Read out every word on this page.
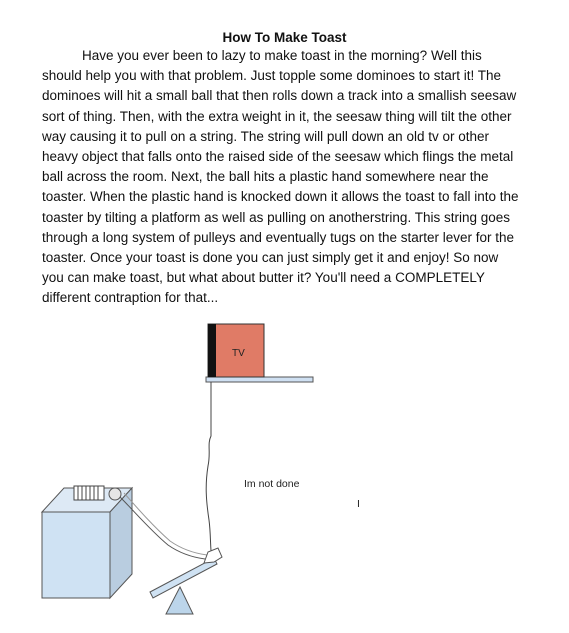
How To Make Toast

Have you ever been to lazy to make toast in the morning? Well this should help you with that problem. Just topple some dominoes to start it! The dominoes will hit a small ball that then rolls down a track into a smallish seesaw sort of thing. Then, with the extra weight in it, the seesaw thing will tilt the other way causing it to pull on a string. The string will pull down an old tv or other heavy object that falls onto the raised side of the seesaw which flings the metal ball across the room. Next, the ball hits a plastic hand somewhere near the toaster. When the plastic hand is knocked down it allows the toast to fall into the toaster by tilting a platform as well as pulling on anotherstring. This string goes through a long system of pulleys and eventually tugs on the starter lever for the toaster. Once your toast is done you can just simply get it and enjoy! So now you can make toast, but what about butter it? You'll need a COMPLETELY different contraption for that...

TV
Im not done
I
